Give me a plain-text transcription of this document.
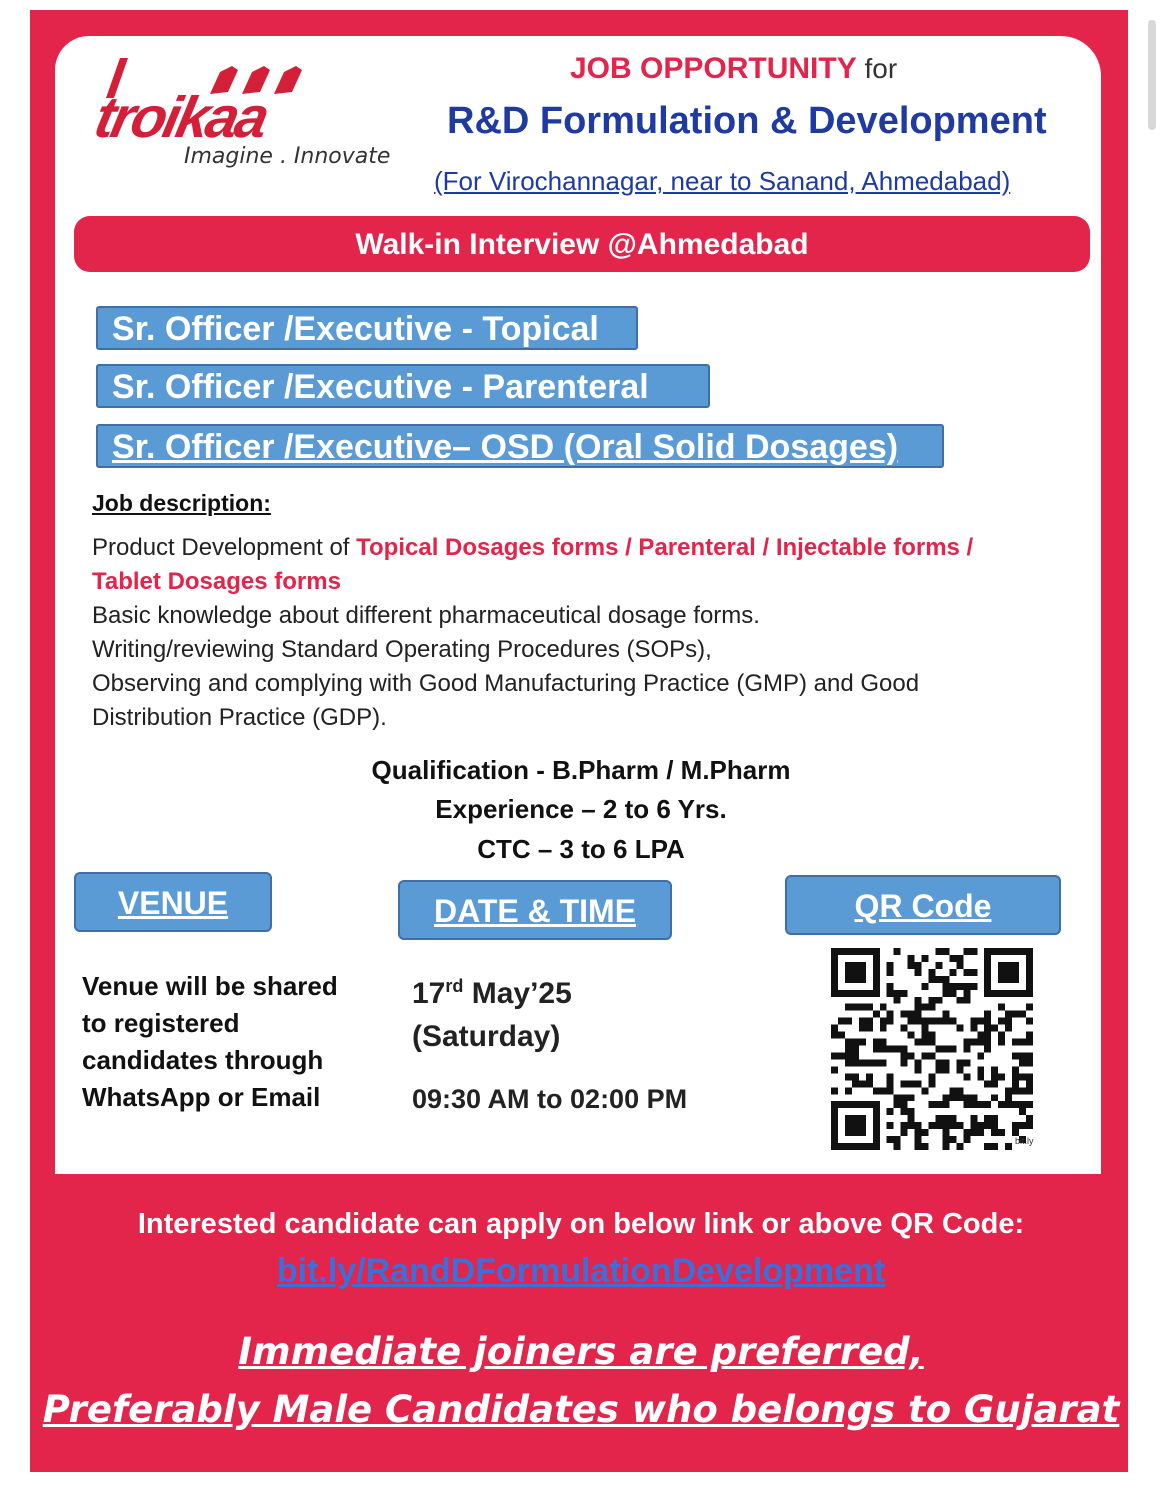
troikaa
Imagine . Innovate
JOB OPPORTUNITY for
R&D Formulation & Development
(For Virochannagar, near to Sanand, Ahmedabad)
Walk-in Interview @Ahmedabad
Sr. Officer /Executive - Topical
Sr. Officer /Executive - Parenteral
Sr. Officer /Executive– OSD (Oral Solid Dosages)
Job description:
Product Development of Topical Dosages forms / Parenteral / Injectable forms /
Tablet Dosages forms
Basic knowledge about different pharmaceutical dosage forms.
Writing/reviewing Standard Operating Procedures (SOPs),
Observing and complying with Good Manufacturing Practice (GMP) and Good
Distribution Practice (GDP).
Qualification - B.Pharm / M.Pharm
Experience – 2 to 6 Yrs.
CTC – 3 to 6 LPA
VENUE	DATE & TIME	QR Code
Venue will be shared
to registered
candidates through
WhatsApp or Email
17rd May’25
(Saturday)
09:30 AM to 02:00 PM
bit.ly
Interested candidate can apply on below link or above QR Code:
bit.ly/RandDFormulationDevelopment
Immediate joiners are preferred,
Preferably Male Candidates who belongs to Gujarat
